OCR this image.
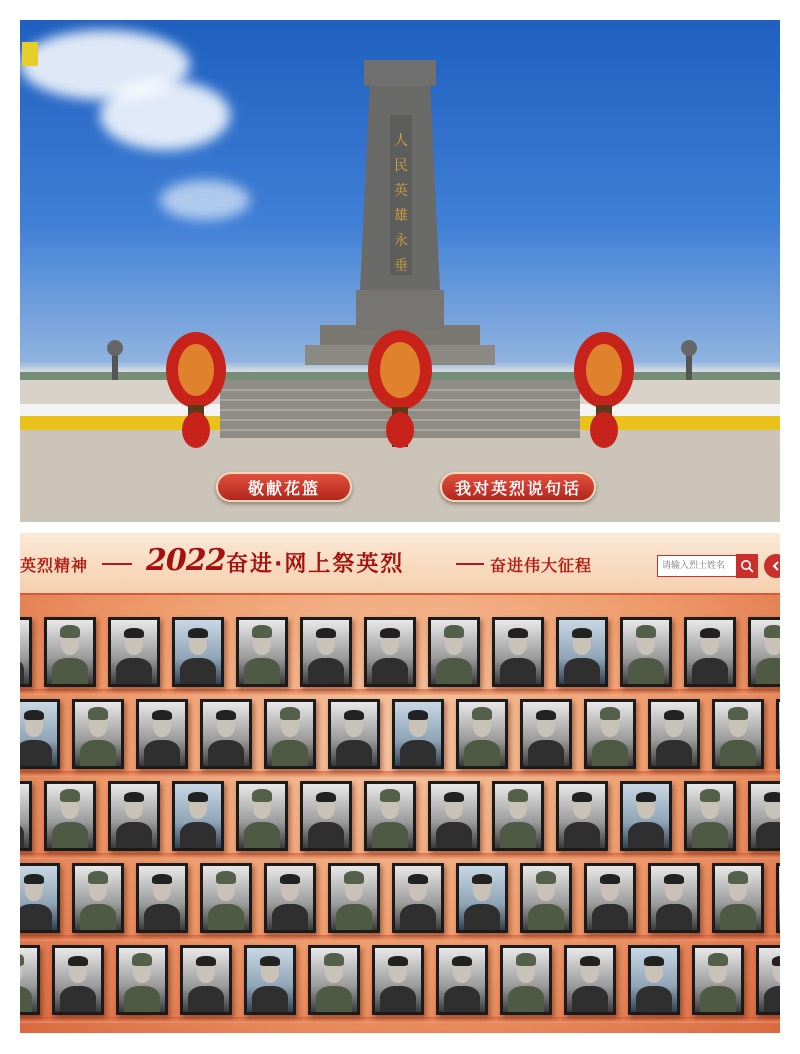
人
民
英
雄
永
垂
敬献花篮	我对英烈说句话
英烈精神 2022 奋进·网上祭英烈	奋进伟大征程
请输入烈士姓名
